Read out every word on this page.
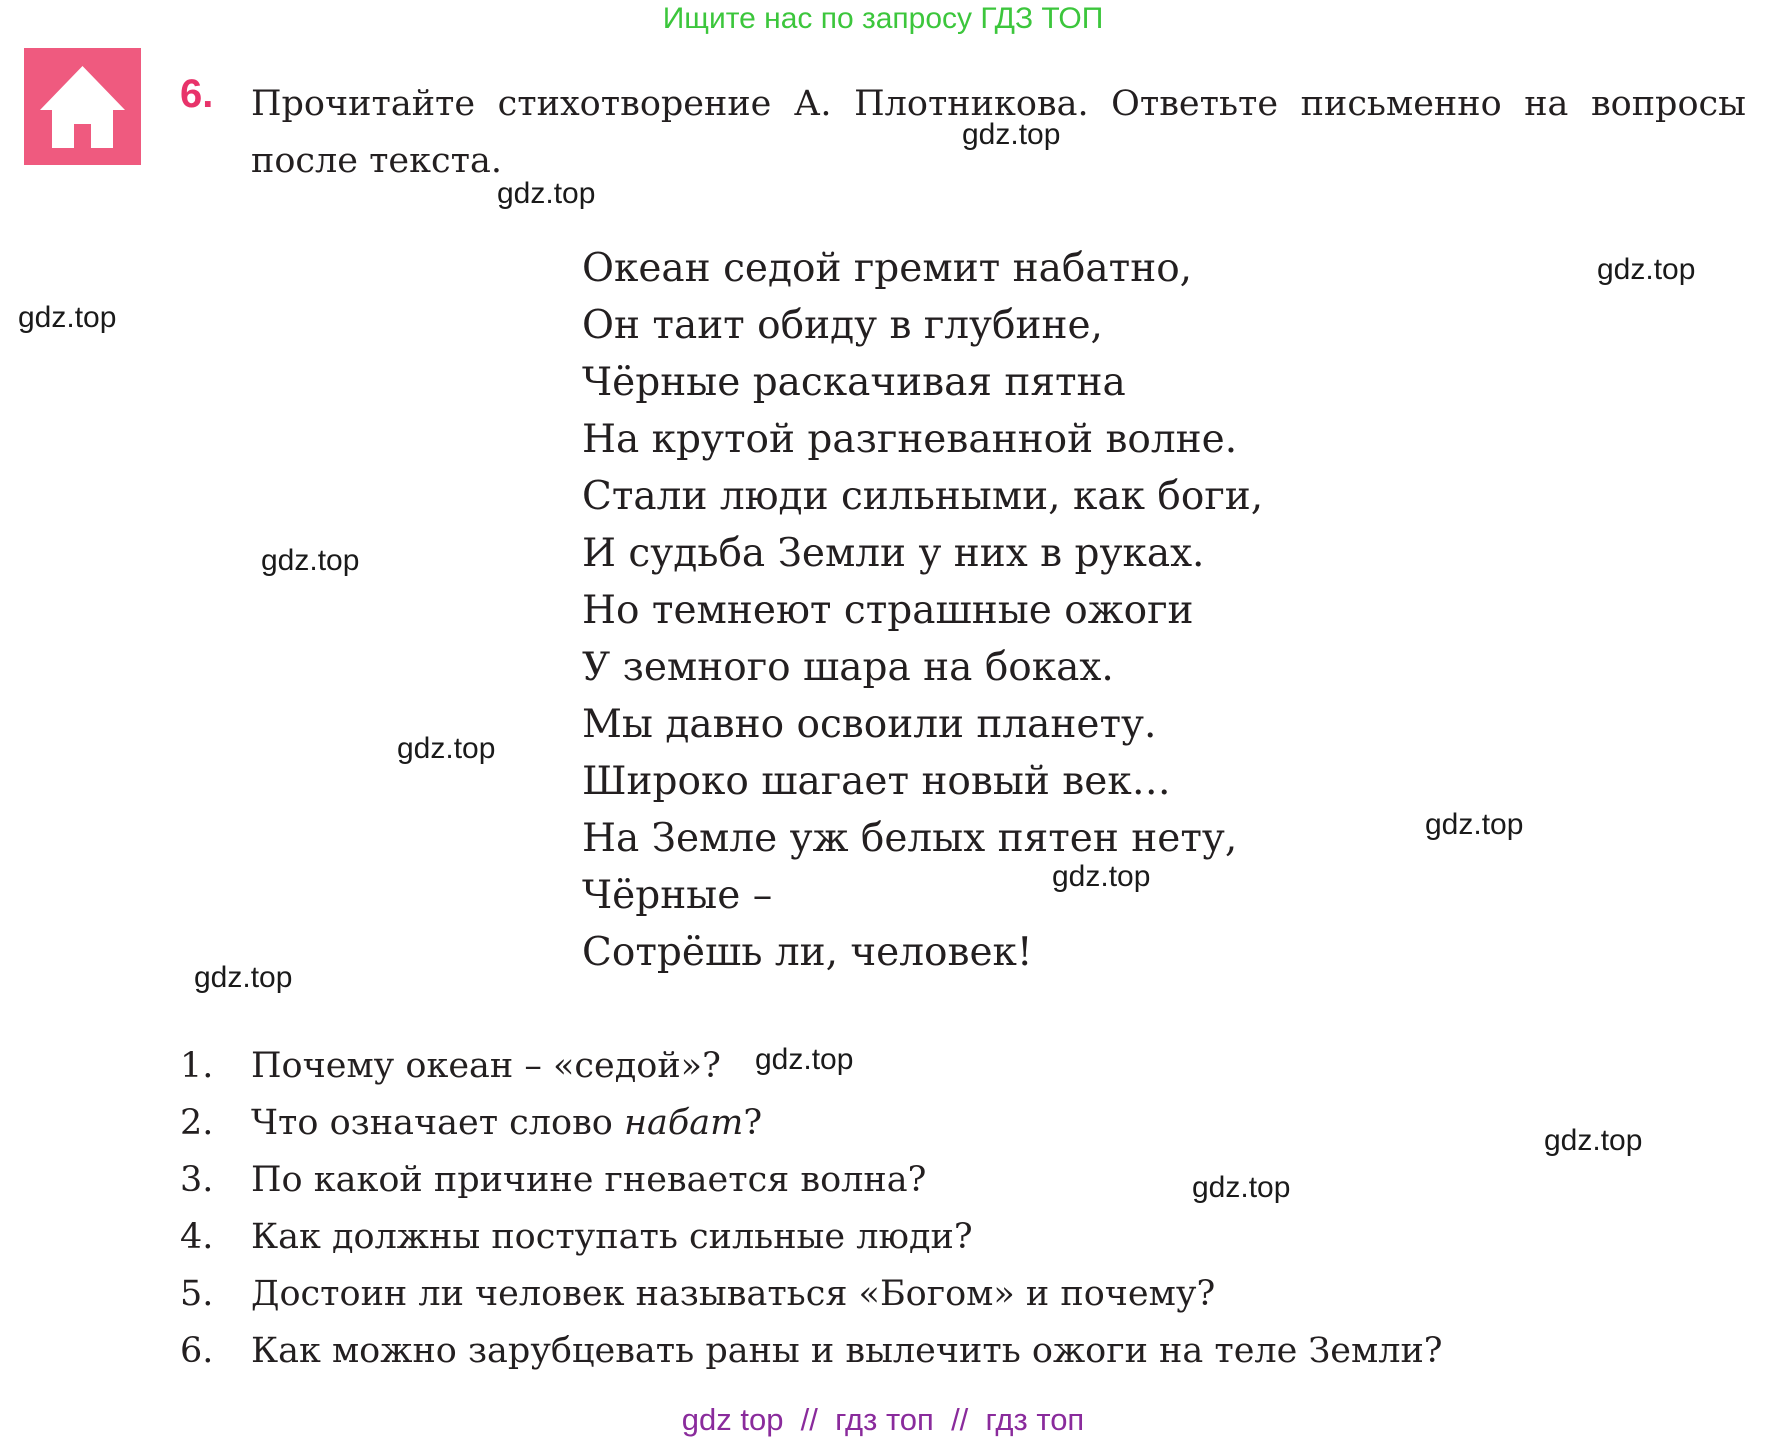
Ищите нас по запросу ГДЗ ТОП
6. Прочитайте стихотворение А. Плотникова. Ответьте письменно на вопросы после текста.
Океан седой гремит набатно,
Он таит обиду в глубине,
Чёрные раскачивая пятна
На крутой разгневанной волне.
Стали люди сильными, как боги,
И судьба Земли у них в руках.
Но темнеют страшные ожоги
У земного шара на боках.
Мы давно освоили планету.
Широко шагает новый век…
На Земле уж белых пятен нету,
Чёрные –
Сотрёшь ли, человек!
1. Почему океан – «седой»?
2. Что означает слово набат?
3. По какой причине гневается волна?
4. Как должны поступать сильные люди?
5. Достоин ли человек называться «Богом» и почему?
6. Как можно зарубцевать раны и вылечить ожоги на теле Земли?
gdz.top
gdz.top
gdz.top
gdz.top
gdz.top
gdz.top
gdz.top
gdz.top
gdz.top
gdz.top
gdz.top
gdz.top
gdz top  //  гдз топ  //  гдз топ
